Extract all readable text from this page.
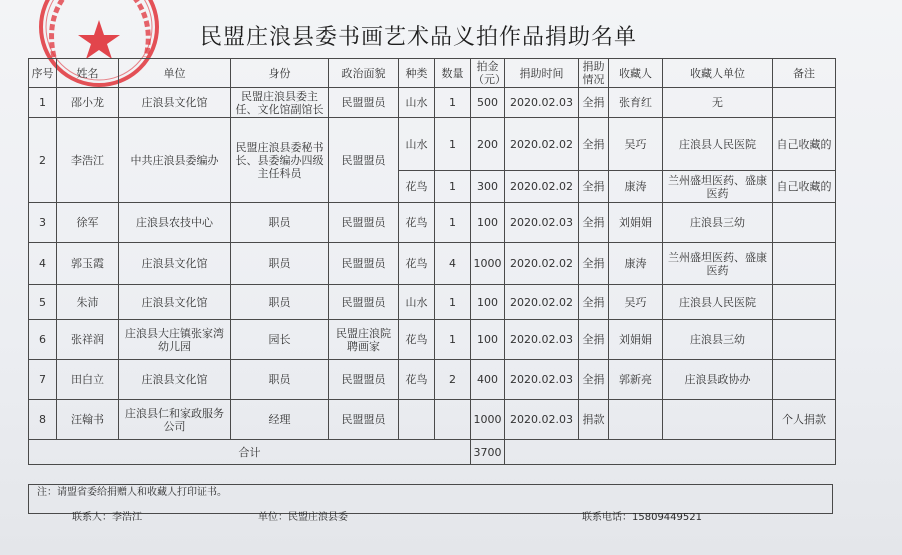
民盟庄浪县委书画艺术品义拍作品捐助名单
序号	姓名	单位	身份	政治面貌	种类	数量	拍金（元）	捐助时间	捐助情况	收藏人	收藏人单位	备注
1	邵小龙	庄浪县文化馆	民盟庄浪县委主任、文化馆副馆长	民盟盟员	山水	1	500	2020.02.03	全捐	张育红	无	
2	李浩江	中共庄浪县委编办	民盟庄浪县委秘书长、县委编办四级主任科员	民盟盟员	山水	1	200	2020.02.02	全捐	吴巧	庄浪县人民医院	自己收藏的
					花鸟	1	300	2020.02.02	全捐	康涛	兰州盛坦医药、盛康医药	自己收藏的
3	徐军	庄浪县农技中心	职员	民盟盟员	花鸟	1	100	2020.02.03	全捐	刘娟娟	庄浪县三幼	
4	郭玉霞	庄浪县文化馆	职员	民盟盟员	花鸟	4	1000	2020.02.02	全捐	康涛	兰州盛坦医药、盛康医药	
5	朱沛	庄浪县文化馆	职员	民盟盟员	山水	1	100	2020.02.02	全捐	吴巧	庄浪县人民医院	
6	张祥润	庄浪县大庄镇张家湾幼儿园	园长	民盟庄浪院聘画家	花鸟	1	100	2020.02.03	全捐	刘娟娟	庄浪县三幼	
7	田白立	庄浪县文化馆	职员	民盟盟员	花鸟	2	400	2020.02.03	全捐	郭新亮	庄浪县政协办	
8	汪翰书	庄浪县仁和家政服务公司	经理	民盟盟员			1000	2020.02.03	捐款			个人捐款
合计							3700					
注：请盟省委给捐赠人和收藏人打印证书。
联系人：李浩江	单位：民盟庄浪县委	联系电话：15809449521
